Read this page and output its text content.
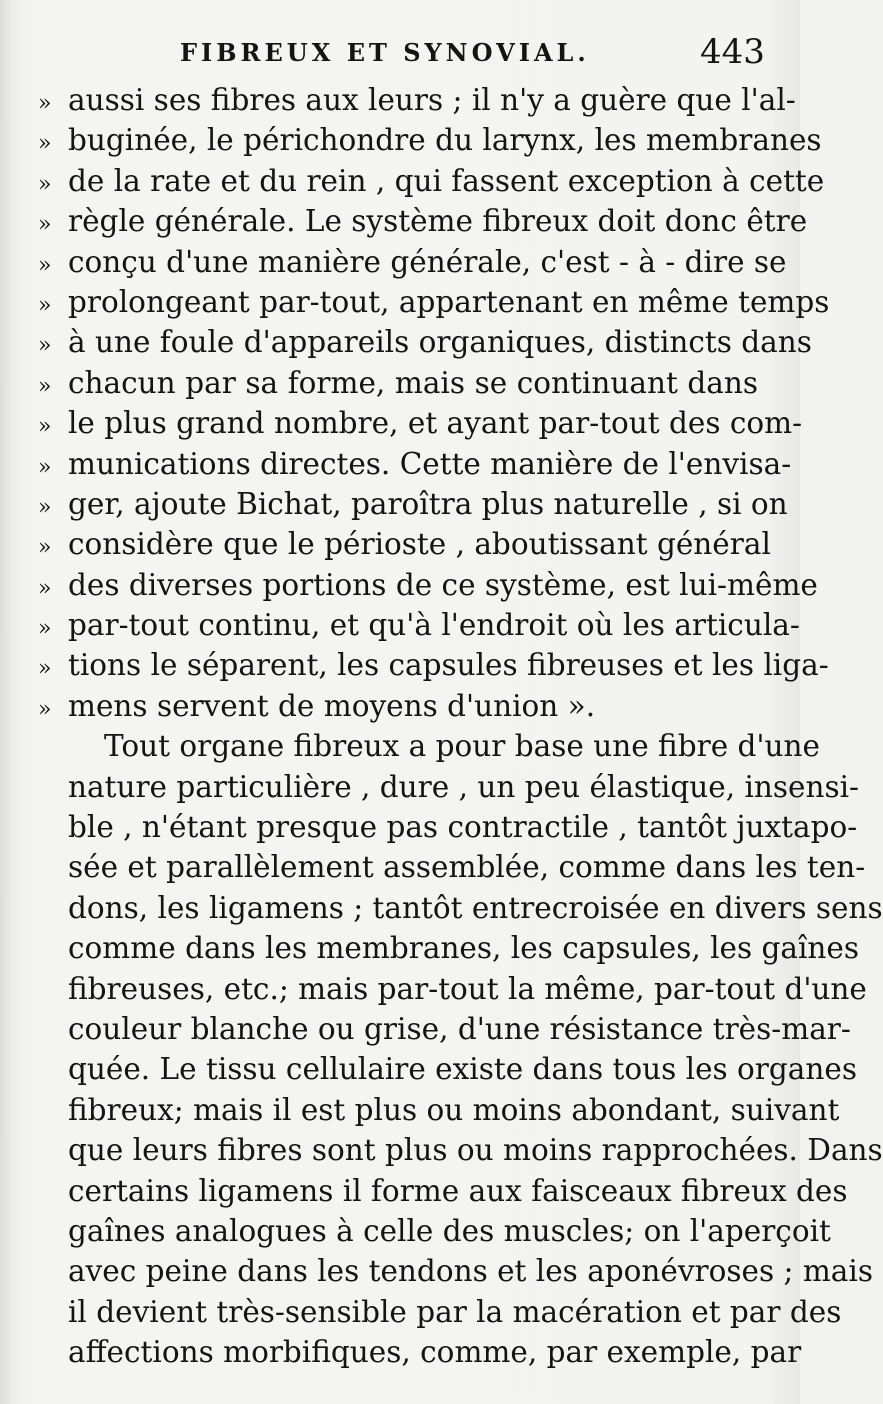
FIBREUX ET SYNOVIAL.	443
» aussi ses fibres aux leurs ; il n'y a guère que l'al-
» buginée, le périchondre du larynx, les membranes
» de la rate et du rein , qui fassent exception à cette
» règle générale. Le système fibreux doit donc être
» conçu d'une manière générale, c'est - à - dire se
» prolongeant par-tout, appartenant en même temps
» à une foule d'appareils organiques, distincts dans
» chacun par sa forme, mais se continuant dans
» le plus grand nombre, et ayant par-tout des com-
» munications directes. Cette manière de l'envisa-
» ger, ajoute Bichat, paroîtra plus naturelle , si on
» considère que le périoste , aboutissant général
» des diverses portions de ce système, est lui-même
» par-tout continu, et qu'à l'endroit où les articula-
» tions le séparent, les capsules fibreuses et les liga-
» mens servent de moyens d'union ».
Tout organe fibreux a pour base une fibre d'une
nature particulière , dure , un peu élastique, insensi-
ble , n'étant presque pas contractile , tantôt juxtapo-
sée et parallèlement assemblée, comme dans les ten-
dons, les ligamens ; tantôt entrecroisée en divers sens
comme dans les membranes, les capsules, les gaînes
fibreuses, etc.; mais par-tout la même, par-tout d'une
couleur blanche ou grise, d'une résistance très-mar-
quée. Le tissu cellulaire existe dans tous les organes
fibreux; mais il est plus ou moins abondant, suivant
que leurs fibres sont plus ou moins rapprochées. Dans
certains ligamens il forme aux faisceaux fibreux des
gaînes analogues à celle des muscles; on l'aperçoit
avec peine dans les tendons et les aponévroses ; mais
il devient très-sensible par la macération et par des
affections morbifiques, comme, par exemple, par
